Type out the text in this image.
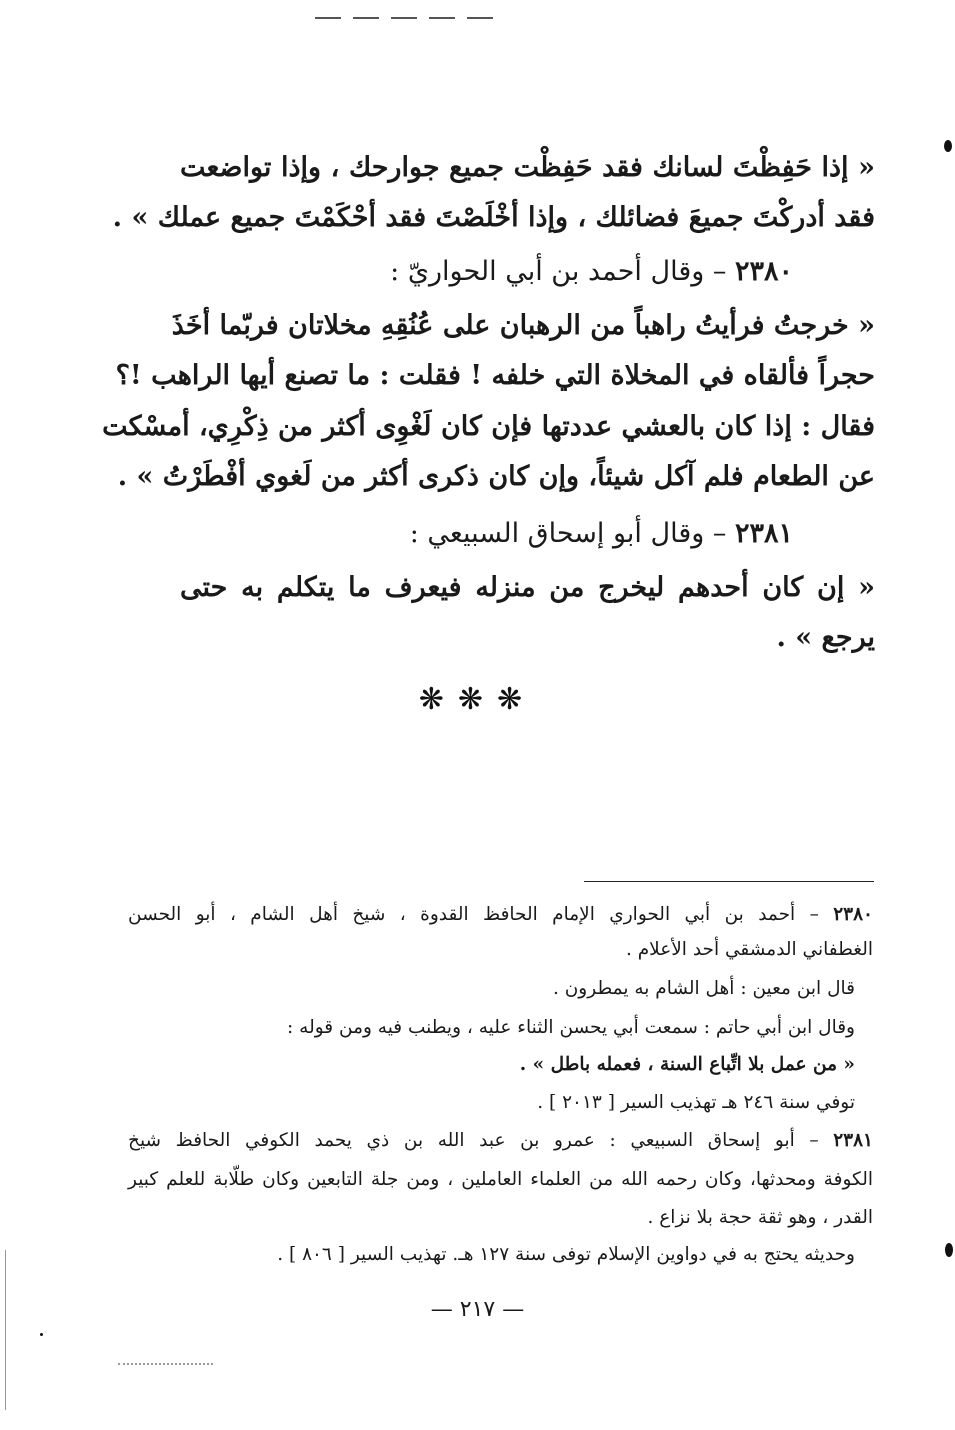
« إذا حَفِظْتَ لسانك فقد حَفِظْت جميع جوارحك ، وإذا تواضعت
فقد أدركْتَ جميعَ فضائلك ، وإذا أخْلَصْتَ فقد أحْكَمْتَ جميع عملك » .
٢٣٨٠ – وقال أحمد بن أبي الحواريّ :
« خرجتُ فرأيتُ راهباً من الرهبان على عُنُقِهِ مخلاتان فربّما أخَذَ
حجراً فألقاه في المخلاة التي خلفه ! فقلت : ما تصنع أيها الراهب !؟
فقال : إذا كان بالعشي عددتها فإن كان لَغْوِى أكثر من ذِكْرِي، أمسْكت
عن الطعام فلم آكل شيئاً، وإن كان ذكرى أكثر من لَغوي أفْطَرْتُ » .
٢٣٨١ – وقال أبو إسحاق السبيعي :
« إن كان أحدهم ليخرج من منزله فيعرف ما يتكلم به حتى
يرجع » .
❋❋❋
٢٣٨٠ – أحمد بن أبي الحواري الإمام الحافظ القدوة ، شيخ أهل الشام ، أبو الحسن
الغطفاني الدمشقي أحد الأعلام .
قال ابن معين : أهل الشام به يمطرون .
وقال ابن أبي حاتم : سمعت أبي يحسن الثناء عليه ، ويطنب فيه ومن قوله :
« من عمل بلا اتِّباع السنة ، فعمله باطل » .
توفي سنة ٢٤٦ هـ تهذيب السير [ ٢٠١٣ ] .
٢٣٨١ – أبو إسحاق السبيعي : عمرو بن عبد الله بن ذي يحمد الكوفي الحافظ شيخ
الكوفة ومحدثها، وكان رحمه الله من العلماء العاملين ، ومن جلة التابعين وكان طلّابة للعلم كبير
القدر ، وهو ثقة حجة بلا نزاع .
وحديثه يحتج به في دواوين الإسلام توفى سنة ١٢٧ هـ. تهذيب السير [ ٨٠٦ ] .
— ٢١٧ —
